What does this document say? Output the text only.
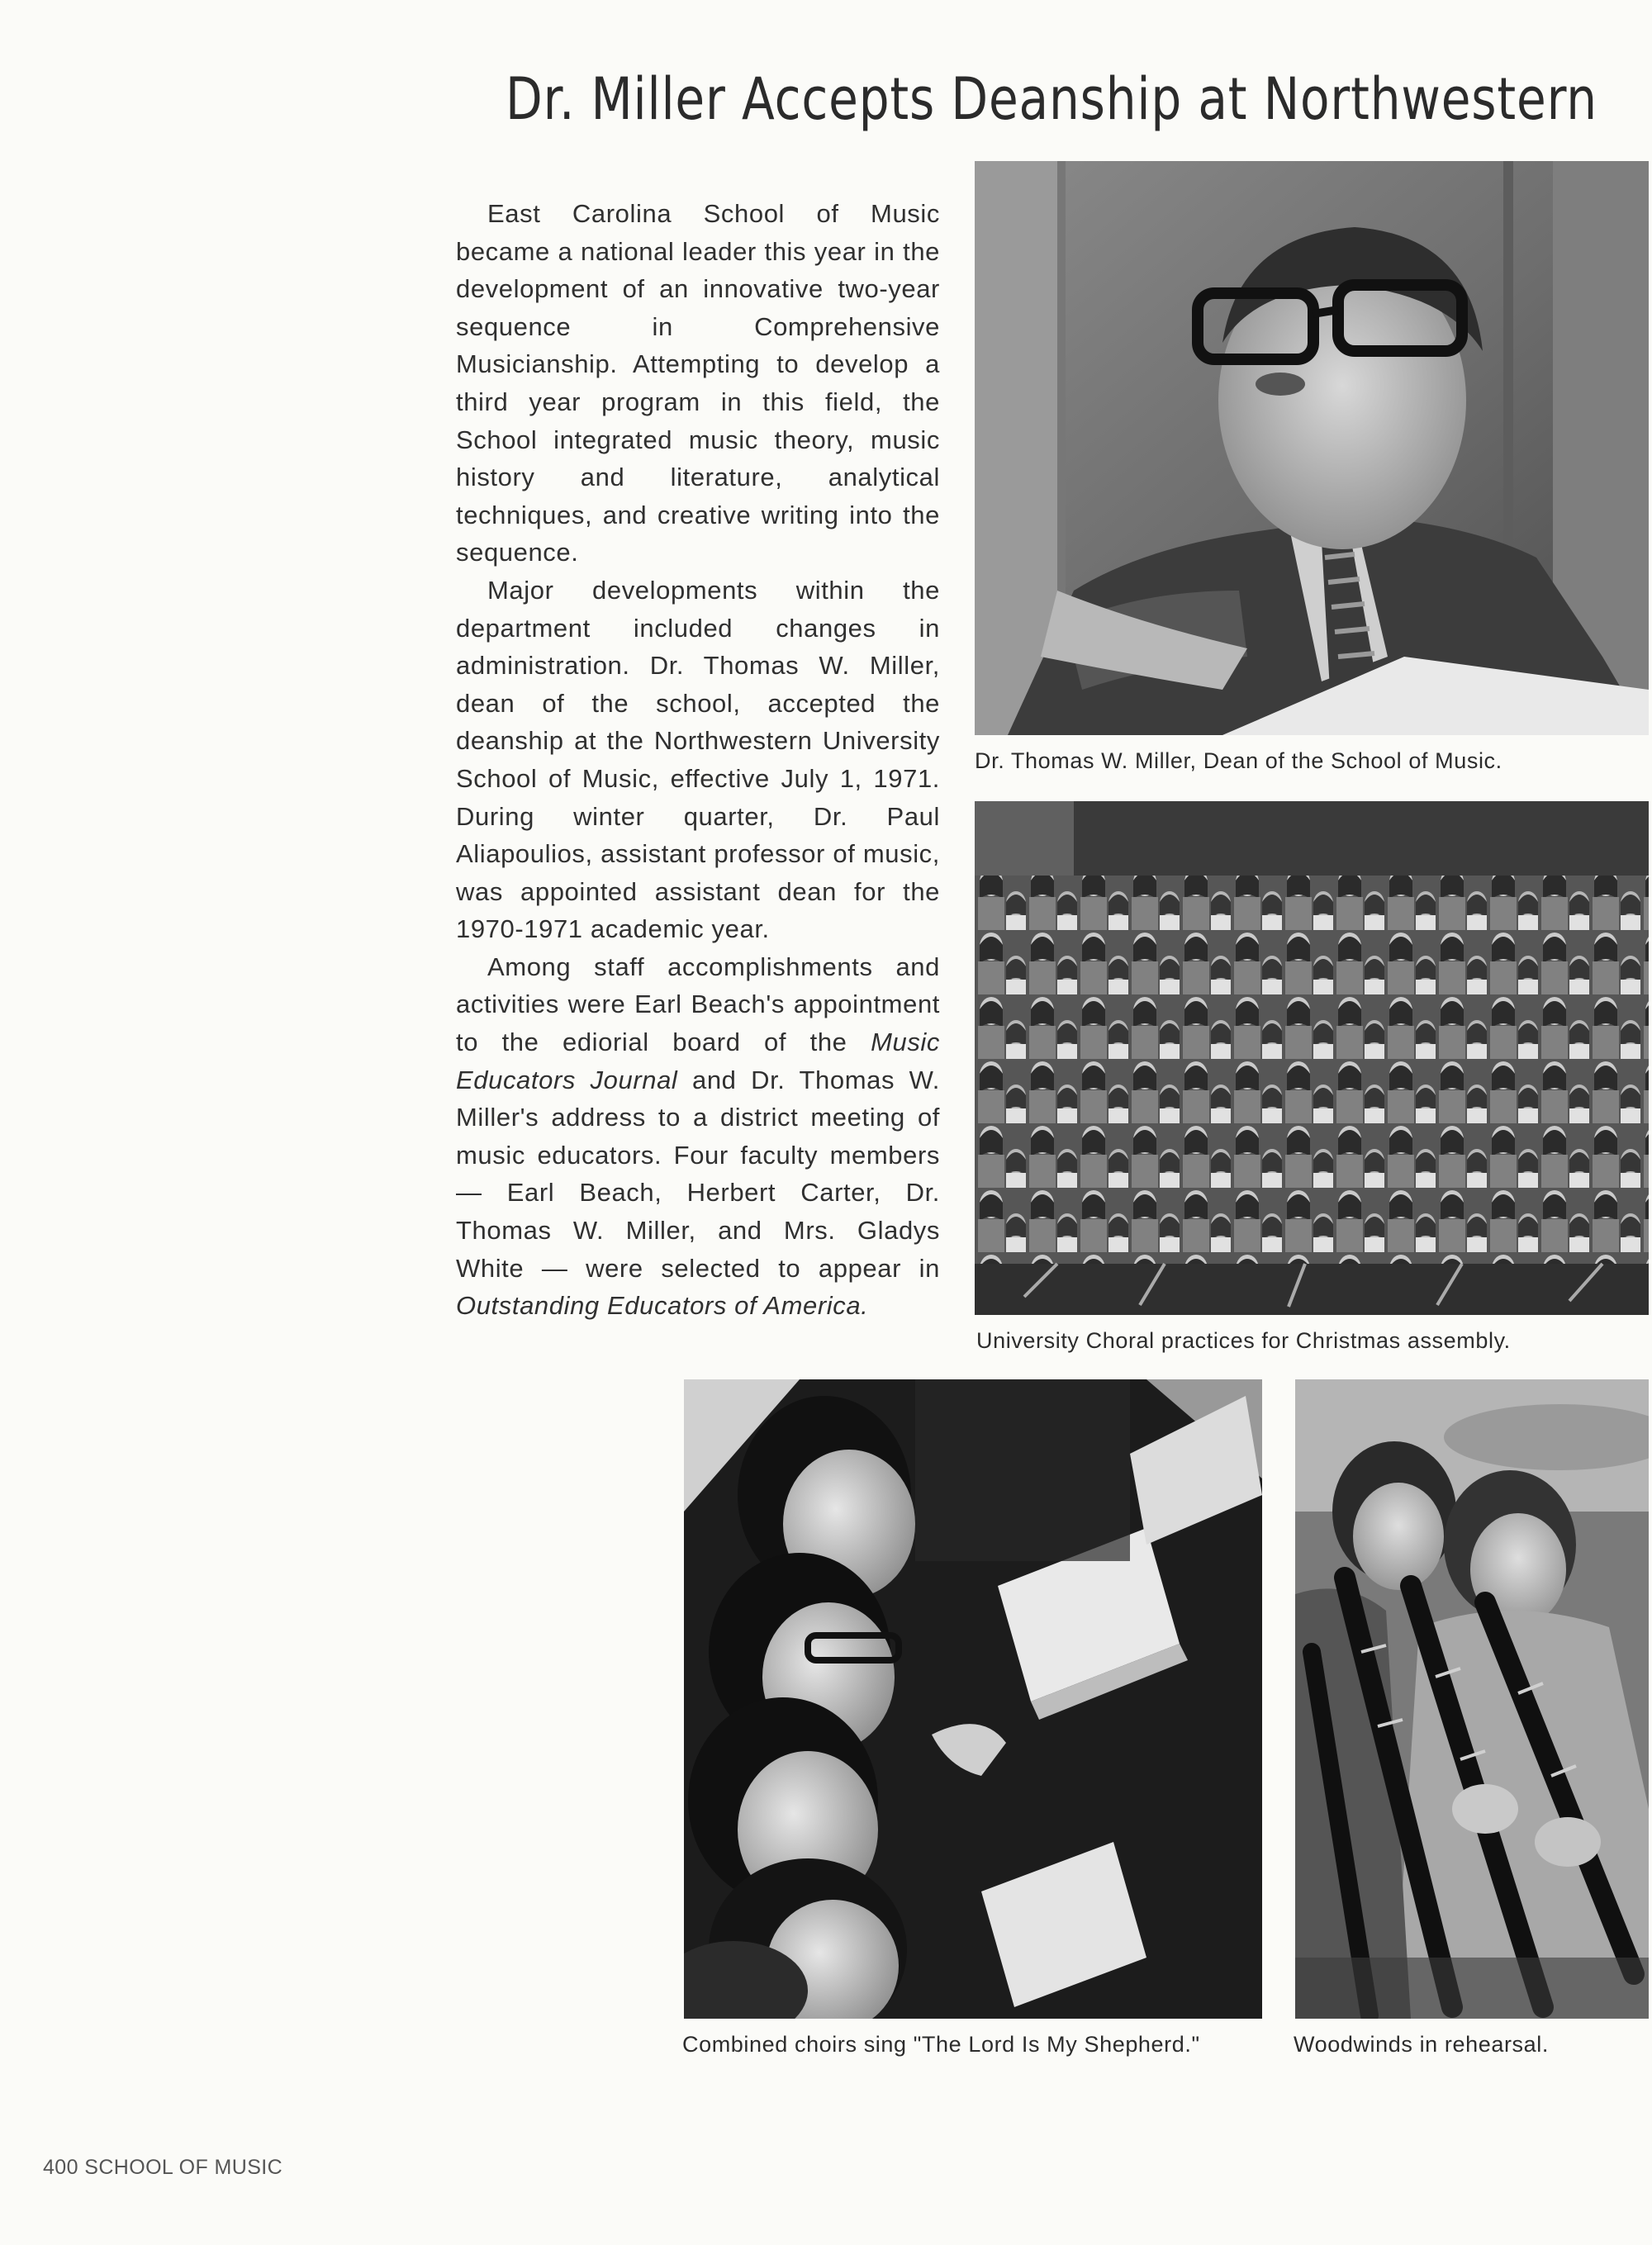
Dr. Miller Accepts Deanship at Northwestern

East Carolina School of Music became a national leader this year in the development of an innovative two-year sequence in Comprehensive Musicianship. Attempting to develop a third year program in this field, the School integrated music theory, music history and literature, analytical techniques, and creative writing into the sequence.

Major developments within the department included changes in administration. Dr. Thomas W. Miller, dean of the school, accepted the deanship at the Northwestern University School of Music, effective July 1, 1971. During winter quarter, Dr. Paul Aliapoulios, assistant professor of music, was appointed assistant dean for the 1970-1971 academic year.

Among staff accomplishments and activities were Earl Beach's appointment to the ediorial board of the Music Educators Journal and Dr. Thomas W. Miller's address to a district meeting of music educators. Four faculty members — Earl Beach, Herbert Carter, Dr. Thomas W. Miller, and Mrs. Gladys White — were selected to appear in Outstanding Educators of America.

Dr. Thomas W. Miller, Dean of the School of Music.

University Choral practices for Christmas assembly.

Combined choirs sing "The Lord Is My Shepherd."	Woodwinds in rehearsal.

400 SCHOOL OF MUSIC
